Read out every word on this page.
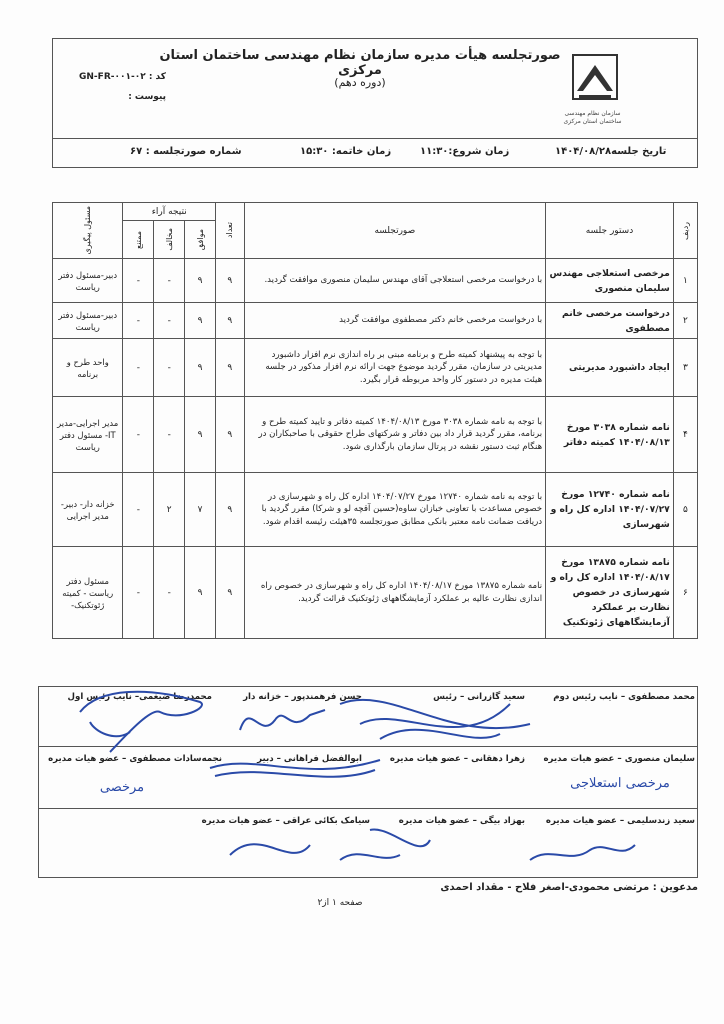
سازمان نظام مهندسی ساختمان استان مرکزی
صورتجلسه هیأت مدیره سازمان نظام مهندسی ساختمان استان مرکزی
(دوره دهم)
کد : GN-FR-۰۰۱-۰۲
پیوست :
تاریخ جلسه۱۴۰۴/۰۸/۲۸
زمان شروع:۱۱:۳۰
زمان خاتمه: ۱۵:۳۰
شماره صورتجلسه : ۶۷
ردیف	دستور جلسه	صورتجلسه	تعداد	نتیجه آراء			مسئول پیگیری

				موافق	مخالف	ممتنع	

۱	مرخصی استعلاجی مهندس سلیمان منصوری	با درخواست مرخصی استعلاجی آقای مهندس سلیمان منصوری موافقت گردید.	۹	۹	-	-	دبیر-مسئول دفتر ریاست
۲	درخواست مرخصی خانم مصطفوی	با درخواست مرخصی خانم دکتر مصطفوی موافقت گردید	۹	۹	-	-	دبیر-مسئول دفتر ریاست
۳	ایجاد داشبورد مدیریتی	با توجه به پیشنهاد کمیته طرح و برنامه مبنی بر راه اندازی نرم افزار داشبورد مدیریتی در سازمان، مقرر گردید موضوع جهت ارائه نرم افزار مذکور در جلسه هیئت مدیره در دستور کار واحد مربوطه قرار بگیرد.	۹	۹	-	-	واحد طرح و برنامه
۴	نامه شماره ۳۰۳۸ مورخ ۱۴۰۴/۰۸/۱۳ کمیته دفاتر	با توجه به نامه شماره ۳۰۳۸ مورخ ۱۴۰۴/۰۸/۱۳ کمیته دفاتر و تایید کمیته طرح و برنامه، مقرر گردید قرار داد بین دفاتر و شرکتهای طراح حقوقی با صاحبکاران در هنگام ثبت دستور نقشه در پرتال سازمان بارگذاری شود.	۹	۹	-	-	مدیر اجرایی-مدیر IT- مسئول دفتر ریاست
۵	نامه شماره ۱۲۷۴۰ مورخ ۱۴۰۴/۰۷/۲۷ اداره کل راه و شهرسازی	با توجه به نامه شماره ۱۲۷۴۰ مورخ ۱۴۰۴/۰۷/۲۷ اداره کل راه و شهرسازی در خصوص مساعدت با تعاونی خبازان ساوه(حسین آقچه لو و شرکا) مقرر گردید با دریافت ضمانت نامه معتبر بانکی مطابق صورتجلسه ۳۵هیئت رئیسه اقدام شود.	۹	۷	۲	-	خزانه دار- دبیر-مدیر اجرایی
۶	نامه شماره ۱۳۸۷۵ مورخ ۱۴۰۴/۰۸/۱۷ اداره کل راه و شهرسازی در خصوص نظارت بر عملکرد آزمایشگاههای ژئوتکنیک	نامه شماره ۱۳۸۷۵ مورخ ۱۴۰۴/۰۸/۱۷ اداره کل راه و شهرسازی در خصوص راه اندازی نظارت عالیه بر عملکرد آزمایشگاههای ژئوتکنیک قرائت گردید.	۹	۹	-	-	مسئول دفتر ریاست - کمیته ژئوتکنیک-
محمد مصطفوی – نایب رئیس دوم
سعید گازرانی – رئیس
حسن فرهمندپور – خزانه دار
محمدرضا ضیغمی– نایب رئیس اول
سلیمان منصوری – عضو هیات مدیره
زهرا دهقانی – عضو هیات مدیره
ابوالفضل فراهانی – دبیر
نجمه‌سادات مصطفوی – عضو هیات مدیره
سعید زندسلیمی – عضو هیات مدیره
بهزاد بیگی – عضو هیات مدیره
سیامک بکائی عراقی – عضو هیات مدیره
مرخصی استعلاجی
مرخصی
مدعوین : مرتضی محمودی-اصغر فلاح - مقداد احمدی
صفحه ۱ از۲
